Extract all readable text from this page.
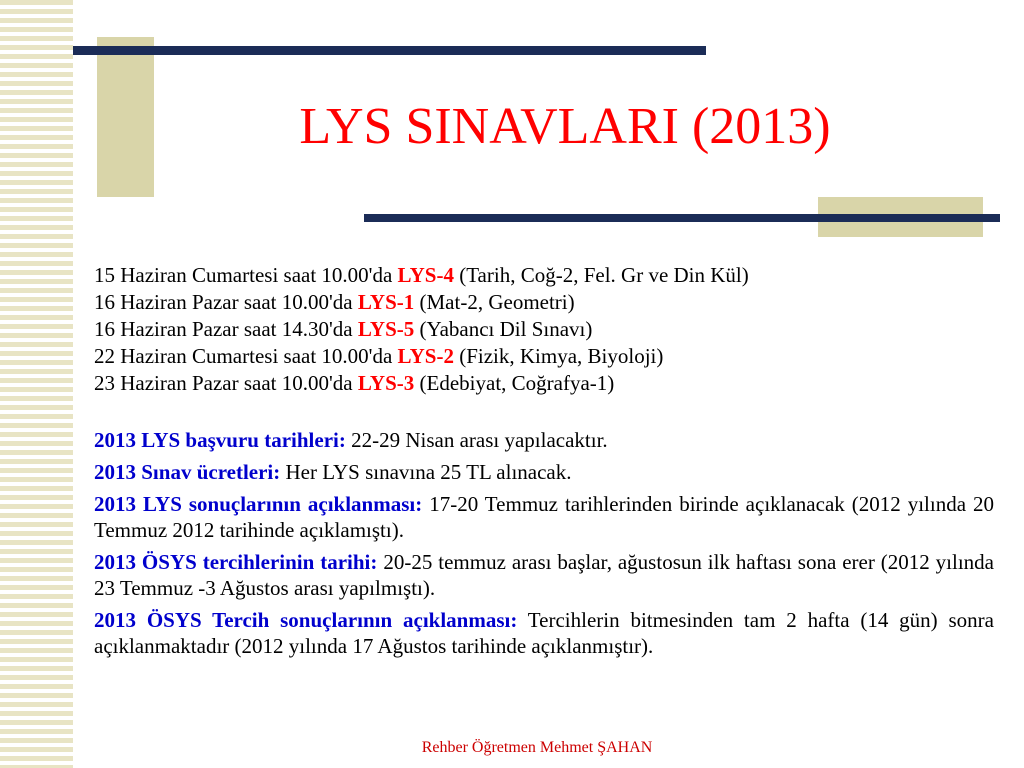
LYS SINAVLARI (2013)
15 Haziran Cumartesi saat 10.00'da LYS-4 (Tarih, Coğ-2, Fel. Gr ve Din Kül)
16 Haziran Pazar saat 10.00'da LYS-1 (Mat-2, Geometri)
16 Haziran Pazar saat 14.30'da LYS-5 (Yabancı Dil Sınavı)
22 Haziran Cumartesi saat 10.00'da LYS-2 (Fizik, Kimya, Biyoloji)
23 Haziran Pazar saat 10.00'da LYS-3 (Edebiyat, Coğrafya-1)

2013 LYS başvuru tarihleri: 22-29 Nisan arası yapılacaktır.

2013 Sınav ücretleri: Her LYS sınavına 25 TL alınacak.

2013 LYS sonuçlarının açıklanması: 17-20 Temmuz tarihlerinden birinde açıklanacak (2012 yılında 20 Temmuz 2012 tarihinde açıklamıştı).

2013 ÖSYS tercihlerinin tarihi: 20-25 temmuz arası başlar, ağustosun ilk haftası sona erer (2012 yılında 23 Temmuz -3 Ağustos arası yapılmıştı).

2013 ÖSYS Tercih sonuçlarının açıklanması: Tercihlerin bitmesinden tam 2 hafta (14 gün) sonra açıklanmaktadır (2012 yılında 17 Ağustos tarihinde açıklanmıştır).

Rehber Öğretmen Mehmet ŞAHAN
